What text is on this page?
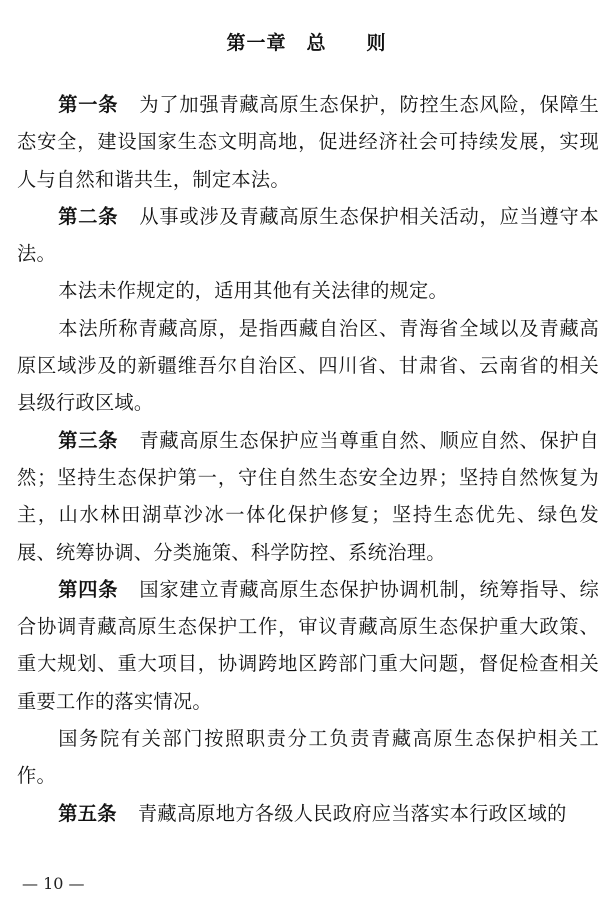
第一章　总　　则

第一条 为了加强青藏高原生态保护，防控生态风险，保障生态安全，建设国家生态文明高地，促进经济社会可持续发展，实现人与自然和谐共生，制定本法。

第二条 从事或涉及青藏高原生态保护相关活动，应当遵守本法。

本法未作规定的，适用其他有关法律的规定。

本法所称青藏高原，是指西藏自治区、青海省全域以及青藏高原区域涉及的新疆维吾尔自治区、四川省、甘肃省、云南省的相关县级行政区域。

第三条 青藏高原生态保护应当尊重自然、顺应自然、保护自然；坚持生态保护第一，守住自然生态安全边界；坚持自然恢复为主，山水林田湖草沙冰一体化保护修复；坚持生态优先、绿色发展、统筹协调、分类施策、科学防控、系统治理。

第四条 国家建立青藏高原生态保护协调机制，统筹指导、综合协调青藏高原生态保护工作，审议青藏高原生态保护重大政策、重大规划、重大项目，协调跨地区跨部门重大问题，督促检查相关重要工作的落实情况。

国务院有关部门按照职责分工负责青藏高原生态保护相关工作。

第五条 青藏高原地方各级人民政府应当落实本行政区域的

— 10 —
